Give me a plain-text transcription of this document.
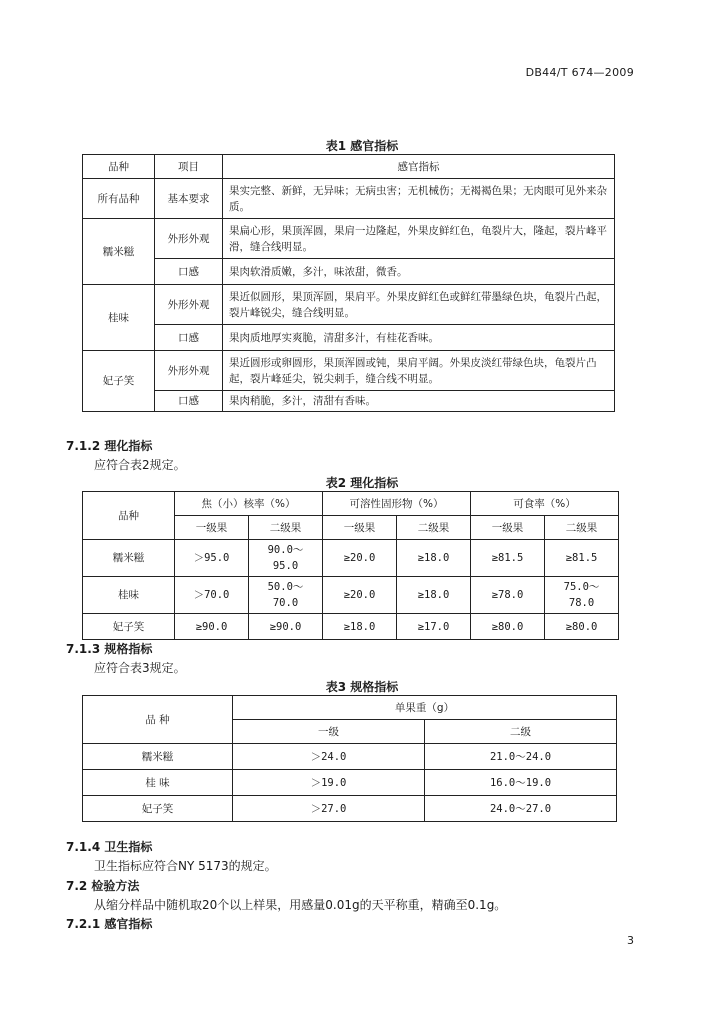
DB44/T 674—2009
表1 感官指标
品种	项目	感官指标
所有品种	基本要求	果实完整、新鲜，无异味；无病虫害；无机械伤；无褐褐色果；无肉眼可见外来杂质。
糯米糍	外形外观	果扁心形，果顶浑圆，果肩一边隆起，外果皮鲜红色，龟裂片大，隆起，裂片峰平滑，缝合线明显。
	口感	果肉软滑质嫩，多汁，味浓甜，微香。
桂味	外形外观	果近似圆形，果顶浑圆，果肩平。外果皮鲜红色或鲜红带墨绿色块，龟裂片凸起，裂片峰锐尖，缝合线明显。
	口感	果肉质地厚实爽脆，清甜多汁，有桂花香味。
妃子笑	外形外观	果近圆形或卵圆形，果顶浑圆或钝，果肩平阔。外果皮淡红带绿色块，龟裂片凸起，裂片峰延尖，锐尖刺手，缝合线不明显。
	口感	果肉稍脆，多汁，清甜有香味。
7.1.2 理化指标
应符合表2规定。
表2 理化指标
品种	焦（小）核率（%）		可溶性固形物（%）		可食率（%）	
	一级果	二级果	一级果	二级果	一级果	二级果
糯米糍	＞95.0	90.0～95.0	≥20.0	≥18.0	≥81.5	≥81.5
桂味	＞70.0	50.0～70.0	≥20.0	≥18.0	≥78.0	75.0～78.0
妃子笑	≥90.0	≥90.0	≥18.0	≥17.0	≥80.0	≥80.0
7.1.3 规格指标
应符合表3规定。
表3 规格指标
品 种	单果重（g）	
	一级	二级
糯米糍	＞24.0	21.0～24.0
桂 味	＞19.0	16.0～19.0
妃子笑	＞27.0	24.0～27.0
7.1.4 卫生指标
卫生指标应符合NY 5173的规定。
7.2 检验方法
从缩分样品中随机取20个以上样果，用感量0.01g的天平称重，精确至0.1g。
7.2.1 感官指标
3
